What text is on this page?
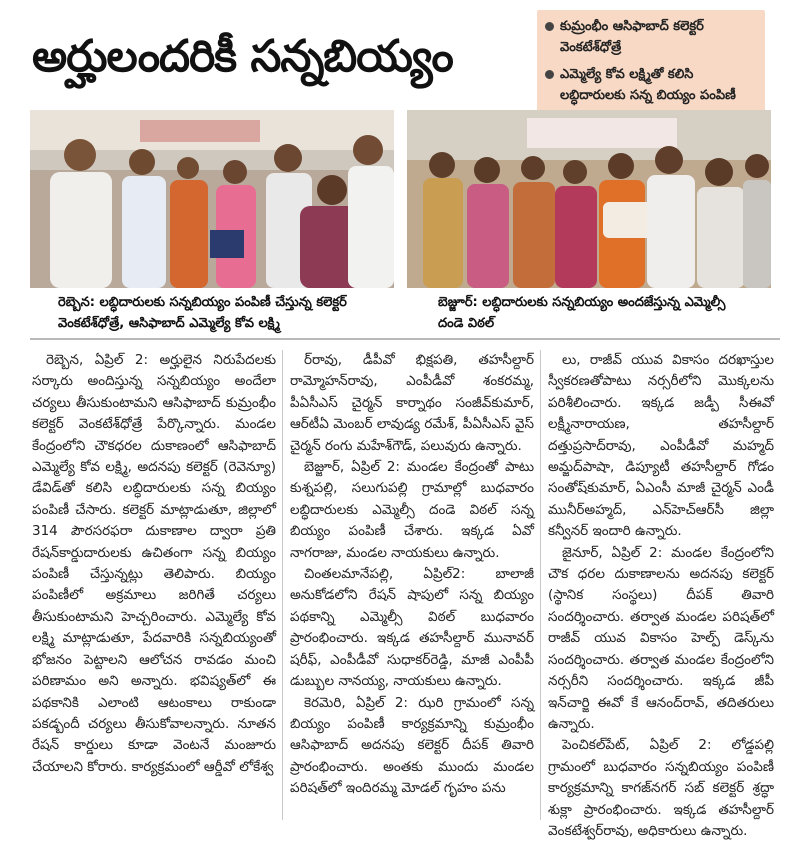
అర్హులందరికీ సన్నబియ్యం
కుమ్రంభీం ఆసిఫాబాద్ కలెక్టర్ వెంకటేశ్‌ధోత్రే
ఎమ్మెల్యే కోవ లక్ష్మితో కలిసి లబ్ధిదారులకు సన్న బియ్యం పంపిణీ
రెబ్బెన: లబ్ధిదారులకు సన్నబియ్యం పంపిణీ చేస్తున్న కలెక్టర్ వెంకటేశ్‌ధోత్రే, ఆసిఫాబాద్ ఎమ్మెల్యే కోవ లక్ష్మి
బెజ్జూర్: లబ్ధిదారులకు సన్నబియ్యం అందజేస్తున్న ఎమ్మెల్సీ దండె విఠల్

రెబ్బెన, ఏప్రిల్ 2: అర్హులైన నిరుపేదలకు సర్కారు అందిస్తున్న సన్నబియ్యం అందేలా చర్యలు తీసుకుంటామని ఆసిఫాబాద్ కుమ్రంభీం కలెక్టర్ వెంకటేశ్‌ధోత్రే పేర్కొన్నారు. మండల కేంద్రంలోని చౌకధరల దుకాణంలో ఆసిఫాబాద్ ఎమ్మెల్యే కోవ లక్ష్మి, అదనపు కలెక్టర్ (రెవెన్యూ) డేవిడ్‌తో కలిసి లబ్ధిదారులకు సన్న బియ్యం పంపిణీ చేసారు. కలెక్టర్ మాట్లాడుతూ, జిల్లాలో 314 పౌరసరఫరా దుకాణాల ద్వారా ప్రతి రేషన్‌కార్డుదారులకు ఉచితంగా సన్న బియ్యం పంపిణీ చేస్తున్నట్లు తెలిపారు. బియ్యం పంపిణీలో అక్రమాలు జరిగితే చర్యలు తీసుకుంటామని హెచ్చరించారు. ఎమ్మెల్యే కోవ లక్ష్మి మాట్లాడుతూ, పేదవారికి సన్నబియ్యంతో భోజనం పెట్టాలని ఆలోచన రావడం మంచి పరిణామం అని అన్నారు. భవిష్యత్‌లో ఈ పథకానికి ఎలాంటి ఆటంకాలు రాకుండా పకడ్బందీ చర్యలు తీసుకోవాలన్నారు. నూతన రేషన్ కార్డులు కూడా వెంటనే మంజూరు చేయాలని కోరారు. కార్యక్రమంలో ఆర్డీవో లోకేశ్వ

ర్‌రావు, డీపీవో భిక్షపతి, తహసీల్దార్ రామ్మోహన్‌రావు, ఎంపీడీవో శంకరమ్మ, పీఏసీఎస్ చైర్మన్ కార్నాథం సంజీవ్‌కుమార్, ఆర్‌టీఏ మెంబర్ లావుడ్య రమేశ్, పీఏసీఎస్ వైస్ చైర్మన్ రంగు మహేశ్‌గౌడ్, పలువురు ఉన్నారు.

బెజ్జూర్, ఏప్రిల్ 2: మండల కేంద్రంతో పాటు కుశ్నపల్లి, సలుగుపల్లి గ్రామాల్లో బుధవారం లబ్ధిదారులకు ఎమ్మెల్సీ దండె విఠల్ సన్న బియ్యం పంపిణీ చేశారు. ఇక్కడ ఏవో నాగరాజు, మండల నాయకులు ఉన్నారు.

చింతలమానేపల్లి, ఏప్రిల్2: బాలాజీ అనుకోడలోని రేషన్ షాపులో సన్న బియ్యం పథకాన్ని ఎమ్మెల్సీ విఠల్ బుధవారం ప్రారంభించారు. ఇక్కడ తహసీల్దార్ మునావర్ షరీఫ్, ఎంపీడీవో సుధాకర్‌రెడ్డి, మాజీ ఎంపీపీ డుబ్బుల నానయ్య, నాయకులు ఉన్నారు.

కెరమెరి, ఏప్రిల్ 2: ఝరి గ్రామంలో సన్న బియ్యం పంపిణీ కార్యక్రమాన్ని కుమ్రంభీం ఆసిఫాబాద్ అదనపు కలెక్టర్ దీపక్ తివారి ప్రారంభించారు. అంతకు ముందు మండల పరిషత్‌లో ఇందిరమ్మ మోడల్ గృహం పను

లు, రాజీవ్ యువ వికాసం దరఖాస్తుల స్వీకరణతోపాటు నర్సరీలోని మొక్కలను పరిశీలించారు. ఇక్కడ జడ్పీ సీఈవో లక్ష్మీనారాయణ, తహసీల్దార్ దత్తుప్రసాద్‌రావు, ఎంపీడీవో మహ్మద్ అమ్జద్‌పాషా, డిప్యూటీ తహసీల్దార్ గోడం సంతోష్‌కుమార్, ఏఎంసీ మాజీ చైర్మన్ ఎండీ మునీర్‌అహ్మద్, ఎన్‌హెచ్‌ఆర్‌సీ జిల్లా కన్వీనర్ ఇందారి ఉన్నారు.

జైనూర్, ఏప్రిల్ 2: మండల కేంద్రంలోని చౌక ధరల దుకాణాలను అదనపు కలెక్టర్ (స్థానిక సంస్థలు) దీపక్ తివారి సందర్శించారు. తర్వాత మండల పరిషత్‌లో రాజీవ్ యువ వికాసం హెల్ప్ డెస్క్‌ను సందర్శించారు. తర్వాత మండల కేంద్రంలోని నర్సరీని సందర్శించారు. ఇక్కడ జీపీ ఇన్‌చార్జి ఈవో కే ఆనంద్‌రావ్, తదితరులు ఉన్నారు.

పెంచికల్‌పేట్, ఏప్రిల్ 2: లోడ్డపల్లి గ్రామంలో బుధవారం సన్నబియ్యం పంపిణీ కార్యక్రమాన్ని కాగజ్‌నగర్ సబ్ కలెక్టర్ శ్రద్ధా శుక్లా ప్రారంభించారు. ఇక్కడ తహసీల్దార్ వెంకటేశ్వర్‌రావు, అధికారులు ఉన్నారు.
